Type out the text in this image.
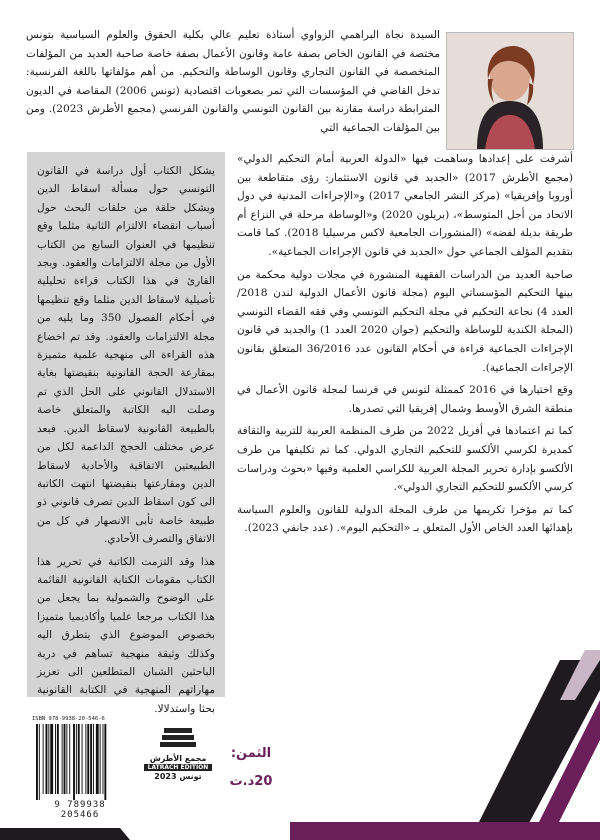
السيدة نجاة البراهمي الزواوي أستاذة تعليم عالي بكلية الحقوق والعلوم السياسية بتونس مختصة في القانون الخاص بصفة عامة وقانون الأعمال بصفة خاصة صاحبة العديد من المؤلفات المتخصصة في القانون التجاري وقانون الوساطة والتحكيم. من أهم مؤلفاتها باللغة الفرنسية: تدخل القاضي في المؤسسات التي تمر بصعوبات اقتصادية (تونس 2006) المقاصة في الديون المترابطة دراسة مقارنة بين القانون التونسي والقانون الفرنسي (مجمع الأطرش 2023). ومن بين المؤلفات الجماعية التي

أشرفت على إعدادها وساهمت فيها «الدولة العربية أمام التحكيم الدولي» (مجمع الأطرش 2017) «الجديد في قانون الاستثمار: رؤى متقاطعة بين أوروبا وإفريقيا» (مركز النشر الجامعي 2017) و«الإجراءات المدنية في دول الاتحاد من أجل المتوسط»، (بريلون 2020) و«الوساطة مرحلة في النزاع أم طريقة بديلة لفضه» (المنشورات الجامعية لاكس مرسيليا 2018). كما قامت بتقديم المؤلف الجماعي حول «الجديد في قانون الإجراءات الجماعية».

صاحبة العديد من الدراسات الفقهية المنشورة في مجلات دولية محكمة من بينها التحكيم المؤسساتي اليوم (مجلة قانون الأعمال الدولية لندن 2018/ العدد 4) نجاعة التحكيم في مجلة التحكيم التونسي وفي فقه القضاء التونسي (المجلة الكندية للوساطة والتحكيم (جوان 2020 العدد 1) والجديد في قانون الإجراءات الجماعية قراءة في أحكام القانون عدد 36/2016 المتعلق بقانون الإجراءات الجماعية).

وقع اختيارها في 2016 كممثلة لتونس في فرنسا لمجلة قانون الأعمال في منطقة الشرق الأوسط وشمال إفريقيا التي تصدرها.

كما تم اعتمادها في أفريل 2022 من طرف المنظمة العربية للتربية والثقافة كمديرة لكرسي الألكسو للتحكيم التجاري الدولي. كما تم تكليفها من طرف الألكسو بإدارة تحرير المجلة العربية للكراسي العلمية وفيها «بحوث ودراسات كرسي الألكسو للتحكيم التجاري الدولي».

كما تم مؤخرا تكريمها من طرف المجلة الدولية للقانون والعلوم السياسة بإهدائها العدد الخاص الأول المتعلق بـ «التحكيم اليوم». (عدد جانفي 2023).

يشكل الكتاب أول دراسة في القانون التونسي حول مسألة اسقاط الدين ويشكل حلقة من حلقات البحث حول أسباب انقضاء الالتزام الثانية مثلما وقع تنظيمها في العنوان السابع من الكتاب الأول من مجلة الالتزامات والعقود. وبجد القارئ في هذا الكتاب قراءة تحليلية تأصيلية لاسقاط الدين مثلما وقع تنظيمها في أحكام الفصول 350 وما يليه من مجلة الالتزامات والعقود. وقد تم اخضاع هذه القراءة الى منهجية علمية متميزة بمقارعة الحجة القانونية بنقيضتها بغاية الاستدلال القانوني على الحل الذي تم وصلت اليه الكاتبة والمتعلق خاصة بالطبيعة القانونية لاسقاط الدين. فبعد عرض مختلف الحجج الداعمة لكل من الطبيعتين الاتفاقية والأحادية لاسقاط الدين ومقارعتها بنقيضتها انتهت الكاتبة الى كون اسقاط الدين تصرف قانوني ذو طبيعة خاصة تأبى الانصهار في كل من الاتفاق والتصرف الأحادي.

هذا وقد التزمت الكاتبة في تحرير هذا الكتاب مقومات الكتابة القانونية القائمة على الوضوح والشمولية بما يجعل من هذا الكتاب مرجعا علميا وأكاديميا متميزا بخصوص الموضوع الذي يتطرق اليه وكذلك وثيقة منهجية تساهم في دربة الباحثين الشبان المتطلعين الى تعزيز مهاراتهم المنهجية في الكتابة القانونية بحثا واستدلالا.

ISBN 978-9938-20-546-6
9 789938 205466
مجمع الأطرش
LATRACH EDITION
تونس 2023
الثمن:
20د.ت
